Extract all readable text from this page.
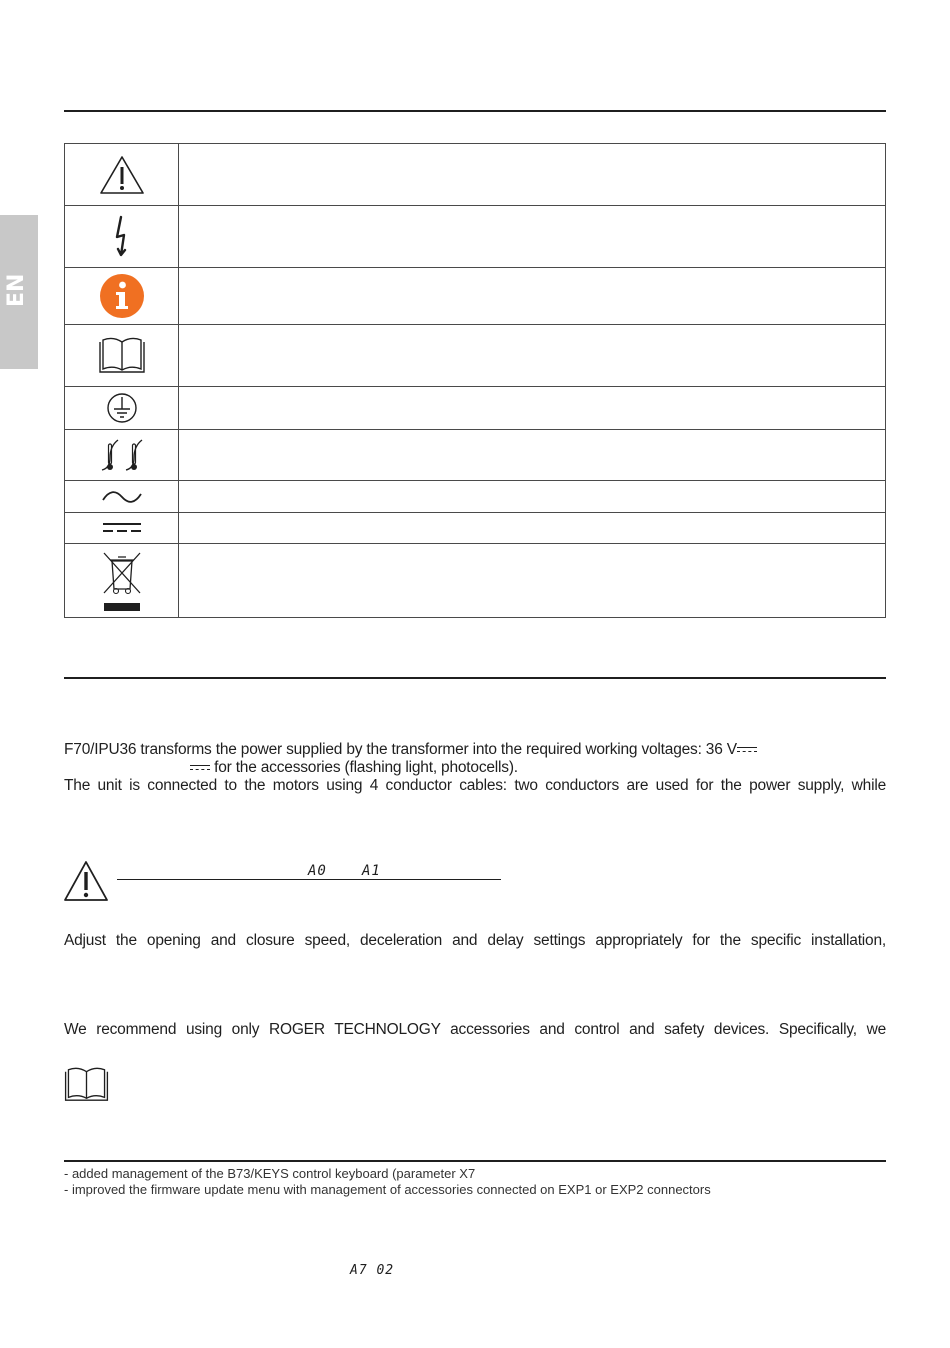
EN

F70/IPU36 transforms the power supplied by the transformer into the required working voltages: 36 V
for the accessories (flashing light, photocells).
The unit is connected to the motors using 4 conductor cables: two conductors are used for the power supply, while
A0	A1
Adjust the opening and closure speed, deceleration and delay settings appropriately for the specific installation,
We recommend using only ROGER TECHNOLOGY accessories and control and safety devices. Specifically, we
- added management of the B73/KEYS control keyboard (parameter X7
- improved the firmware update menu with management of accessories connected on EXP1 or EXP2 connectors
A7 02
